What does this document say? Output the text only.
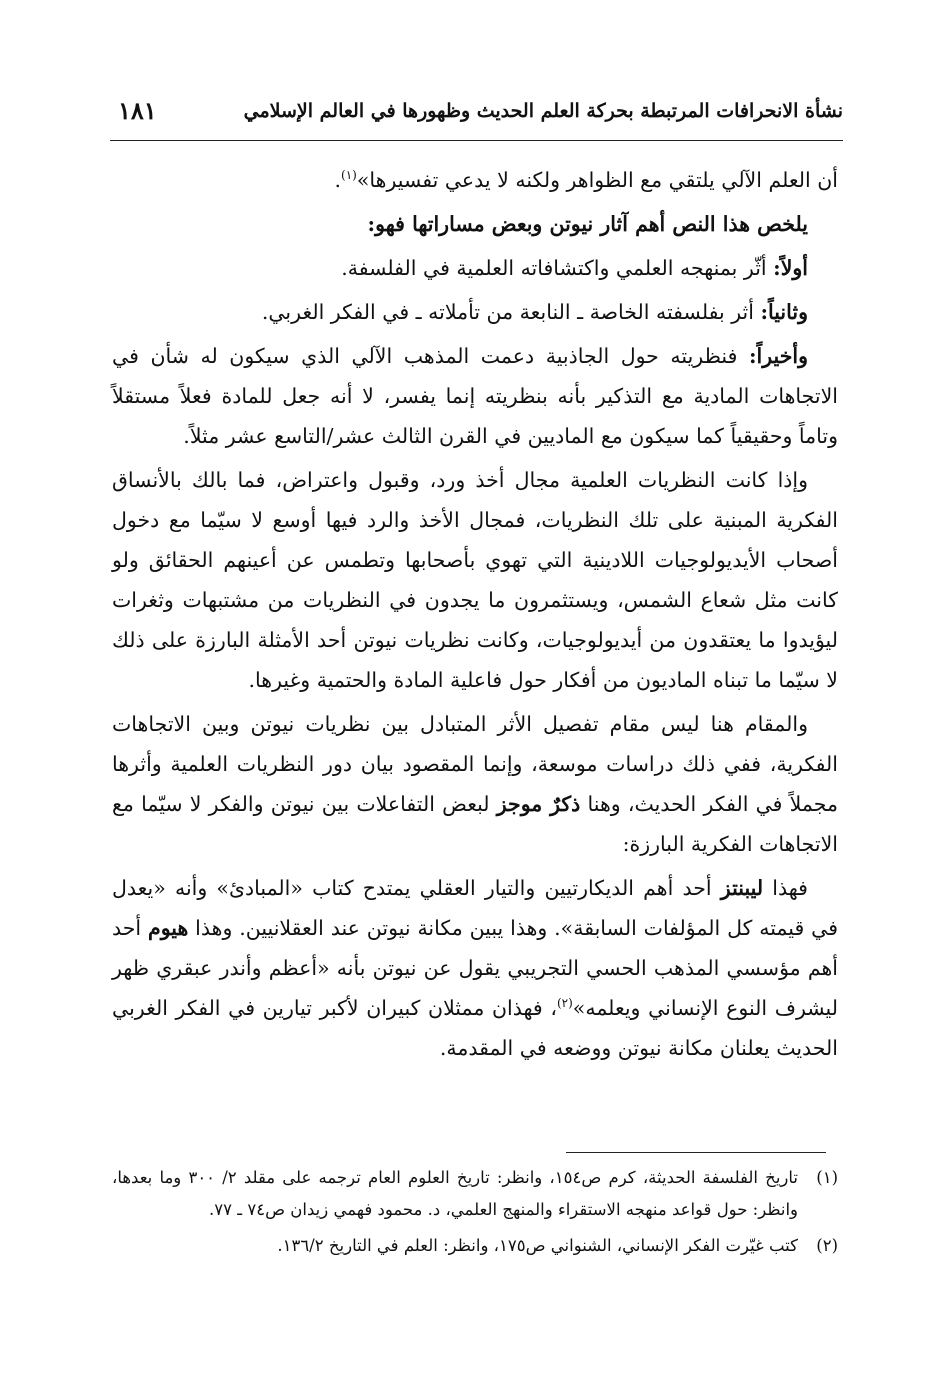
نشأة الانحرافات المرتبطة بحركة العلم الحديث وظهورها في العالم الإسلامي
١٨١

أن العلم الآلي يلتقي مع الظواهر ولكنه لا يدعي تفسيرها»$^{(١)}$.

يلخص هذا النص أهم آثار نيوتن وبعض مساراتها فهو:

أولاً: أثّر بمنهجه العلمي واكتشافاته العلمية في الفلسفة.

وثانياً: أثر بفلسفته الخاصة ـ النابعة من تأملاته ـ في الفكر الغربي.

وأخيراً: فنظريته حول الجاذبية دعمت المذهب الآلي الذي سيكون له شأن في الاتجاهات المادية مع التذكير بأنه بنظريته إنما يفسر، لا أنه جعل للمادة فعلاً مستقلاً وتاماً وحقيقياً كما سيكون مع الماديين في القرن الثالث عشر/التاسع عشر مثلاً.

وإذا كانت النظريات العلمية مجال أخذ ورد، وقبول واعتراض، فما بالك بالأنساق الفكرية المبنية على تلك النظريات، فمجال الأخذ والرد فيها أوسع لا سيّما مع دخول أصحاب الأيديولوجيات اللادينية التي تهوي بأصحابها وتطمس عن أعينهم الحقائق ولو كانت مثل شعاع الشمس، ويستثمرون ما يجدون في النظريات من مشتبهات وثغرات ليؤيدوا ما يعتقدون من أيديولوجيات، وكانت نظريات نيوتن أحد الأمثلة البارزة على ذلك لا سيّما ما تبناه الماديون من أفكار حول فاعلية المادة والحتمية وغيرها.

والمقام هنا ليس مقام تفصيل الأثر المتبادل بين نظريات نيوتن وبين الاتجاهات الفكرية، ففي ذلك دراسات موسعة، وإنما المقصود بيان دور النظريات العلمية وأثرها مجملاً في الفكر الحديث، وهنا ذكرٌ موجز لبعض التفاعلات بين نيوتن والفكر لا سيّما مع الاتجاهات الفكرية البارزة:

فهذا ليبنتز أحد أهم الديكارتيين والتيار العقلي يمتدح كتاب «المبادئ» وأنه «يعدل في قيمته كل المؤلفات السابقة». وهذا يبين مكانة نيوتن عند العقلانيين. وهذا هيوم أحد أهم مؤسسي المذهب الحسي التجريبي يقول عن نيوتن بأنه «أعظم وأندر عبقري ظهر ليشرف النوع الإنساني ويعلمه»$^{(٢)}$، فهذان ممثلان كبيران لأكبر تيارين في الفكر الغربي الحديث يعلنان مكانة نيوتن ووضعه في المقدمة.

(١)
تاريخ الفلسفة الحديثة، كرم ص١٥٤، وانظر: تاريخ العلوم العام ترجمه على مقلد ٢/ ٣٠٠ وما بعدها، وانظر: حول قواعد منهجه الاستقراء والمنهج العلمي، د. محمود فهمي زيدان ص٧٤ ـ ٧٧.
(٢)
كتب غيّرت الفكر الإنساني، الشنواني ص١٧٥، وانظر: العلم في التاريخ ١٣٦/٢.
